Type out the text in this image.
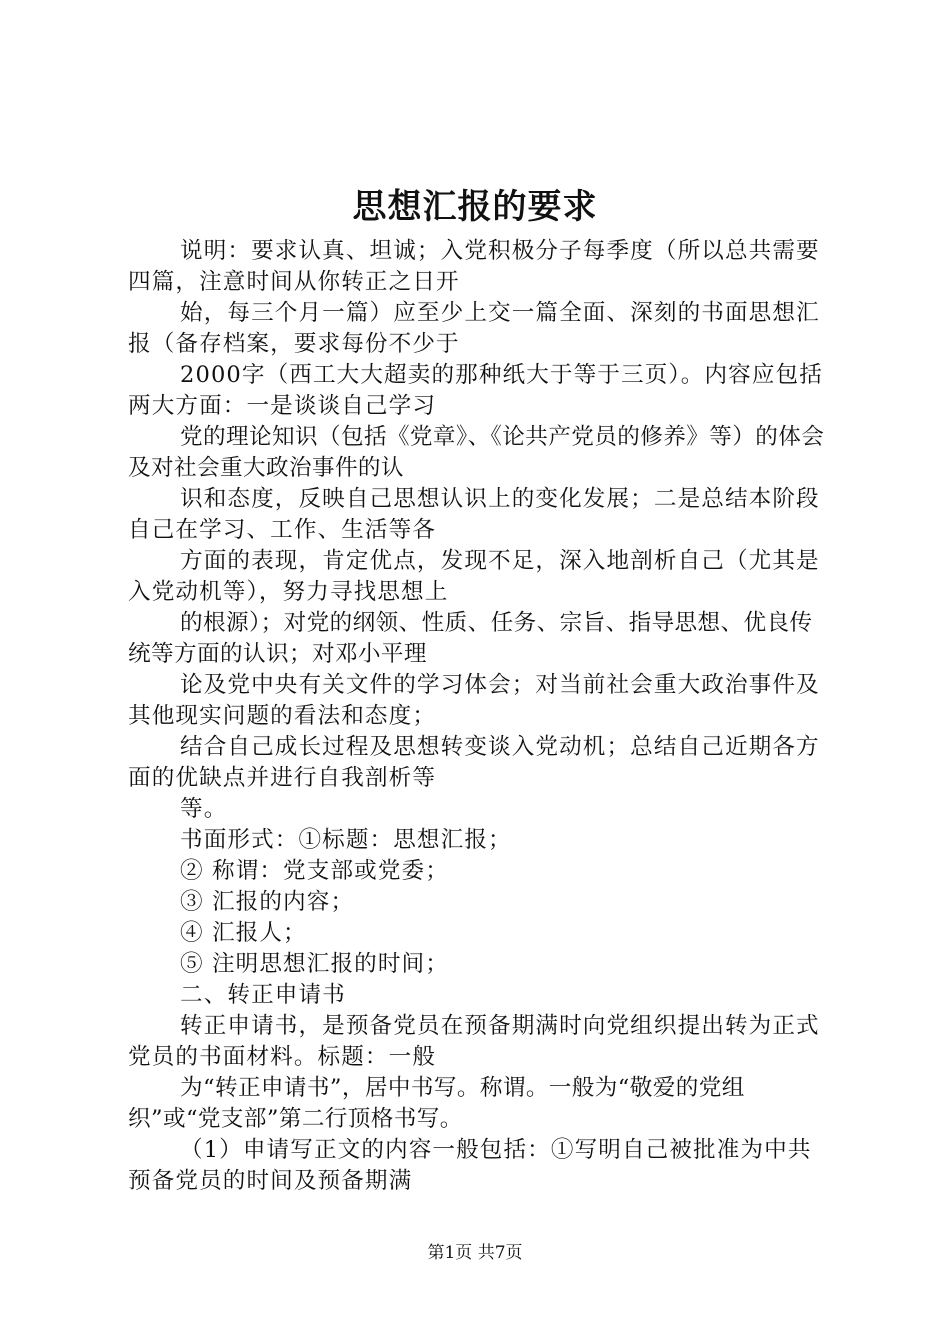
思想汇报的要求

说明：要求认真、坦诚；入党积极分子每季度（所以总共需要四篇，注意时间从你转正之日开

始，每三个月一篇）应至少上交一篇全面、深刻的书面思想汇报（备存档案，要求每份不少于

2000字（西工大大超卖的那种纸大于等于三页）。内容应包括两大方面：一是谈谈自己学习

党的理论知识（包括《党章》、《论共产党员的修养》等）的体会及对社会重大政治事件的认

识和态度，反映自己思想认识上的变化发展；二是总结本阶段自己在学习、工作、生活等各

方面的表现，肯定优点，发现不足，深入地剖析自己（尤其是入党动机等），努力寻找思想上

的根源）；对党的纲领、性质、任务、宗旨、指导思想、优良传统等方面的认识；对邓小平理

论及党中央有关文件的学习体会；对当前社会重大政治事件及其他现实问题的看法和态度；

结合自己成长过程及思想转变谈入党动机；总结自己近期各方面的优缺点并进行自我剖析等

等。

书面形式：①标题：思想汇报；

② 称谓：党支部或党委；

③ 汇报的内容；

④ 汇报人；

⑤ 注明思想汇报的时间；

二、转正申请书

转正申请书，是预备党员在预备期满时向党组织提出转为正式党员的书面材料。标题：一般

为“转正申请书”，居中书写。称谓。一般为“敬爱的党组织”或“党支部”第二行顶格书写。

（1）申请写正文的内容一般包括：①写明自己被批准为中共预备党员的时间及预备期满

第1页 共7页
